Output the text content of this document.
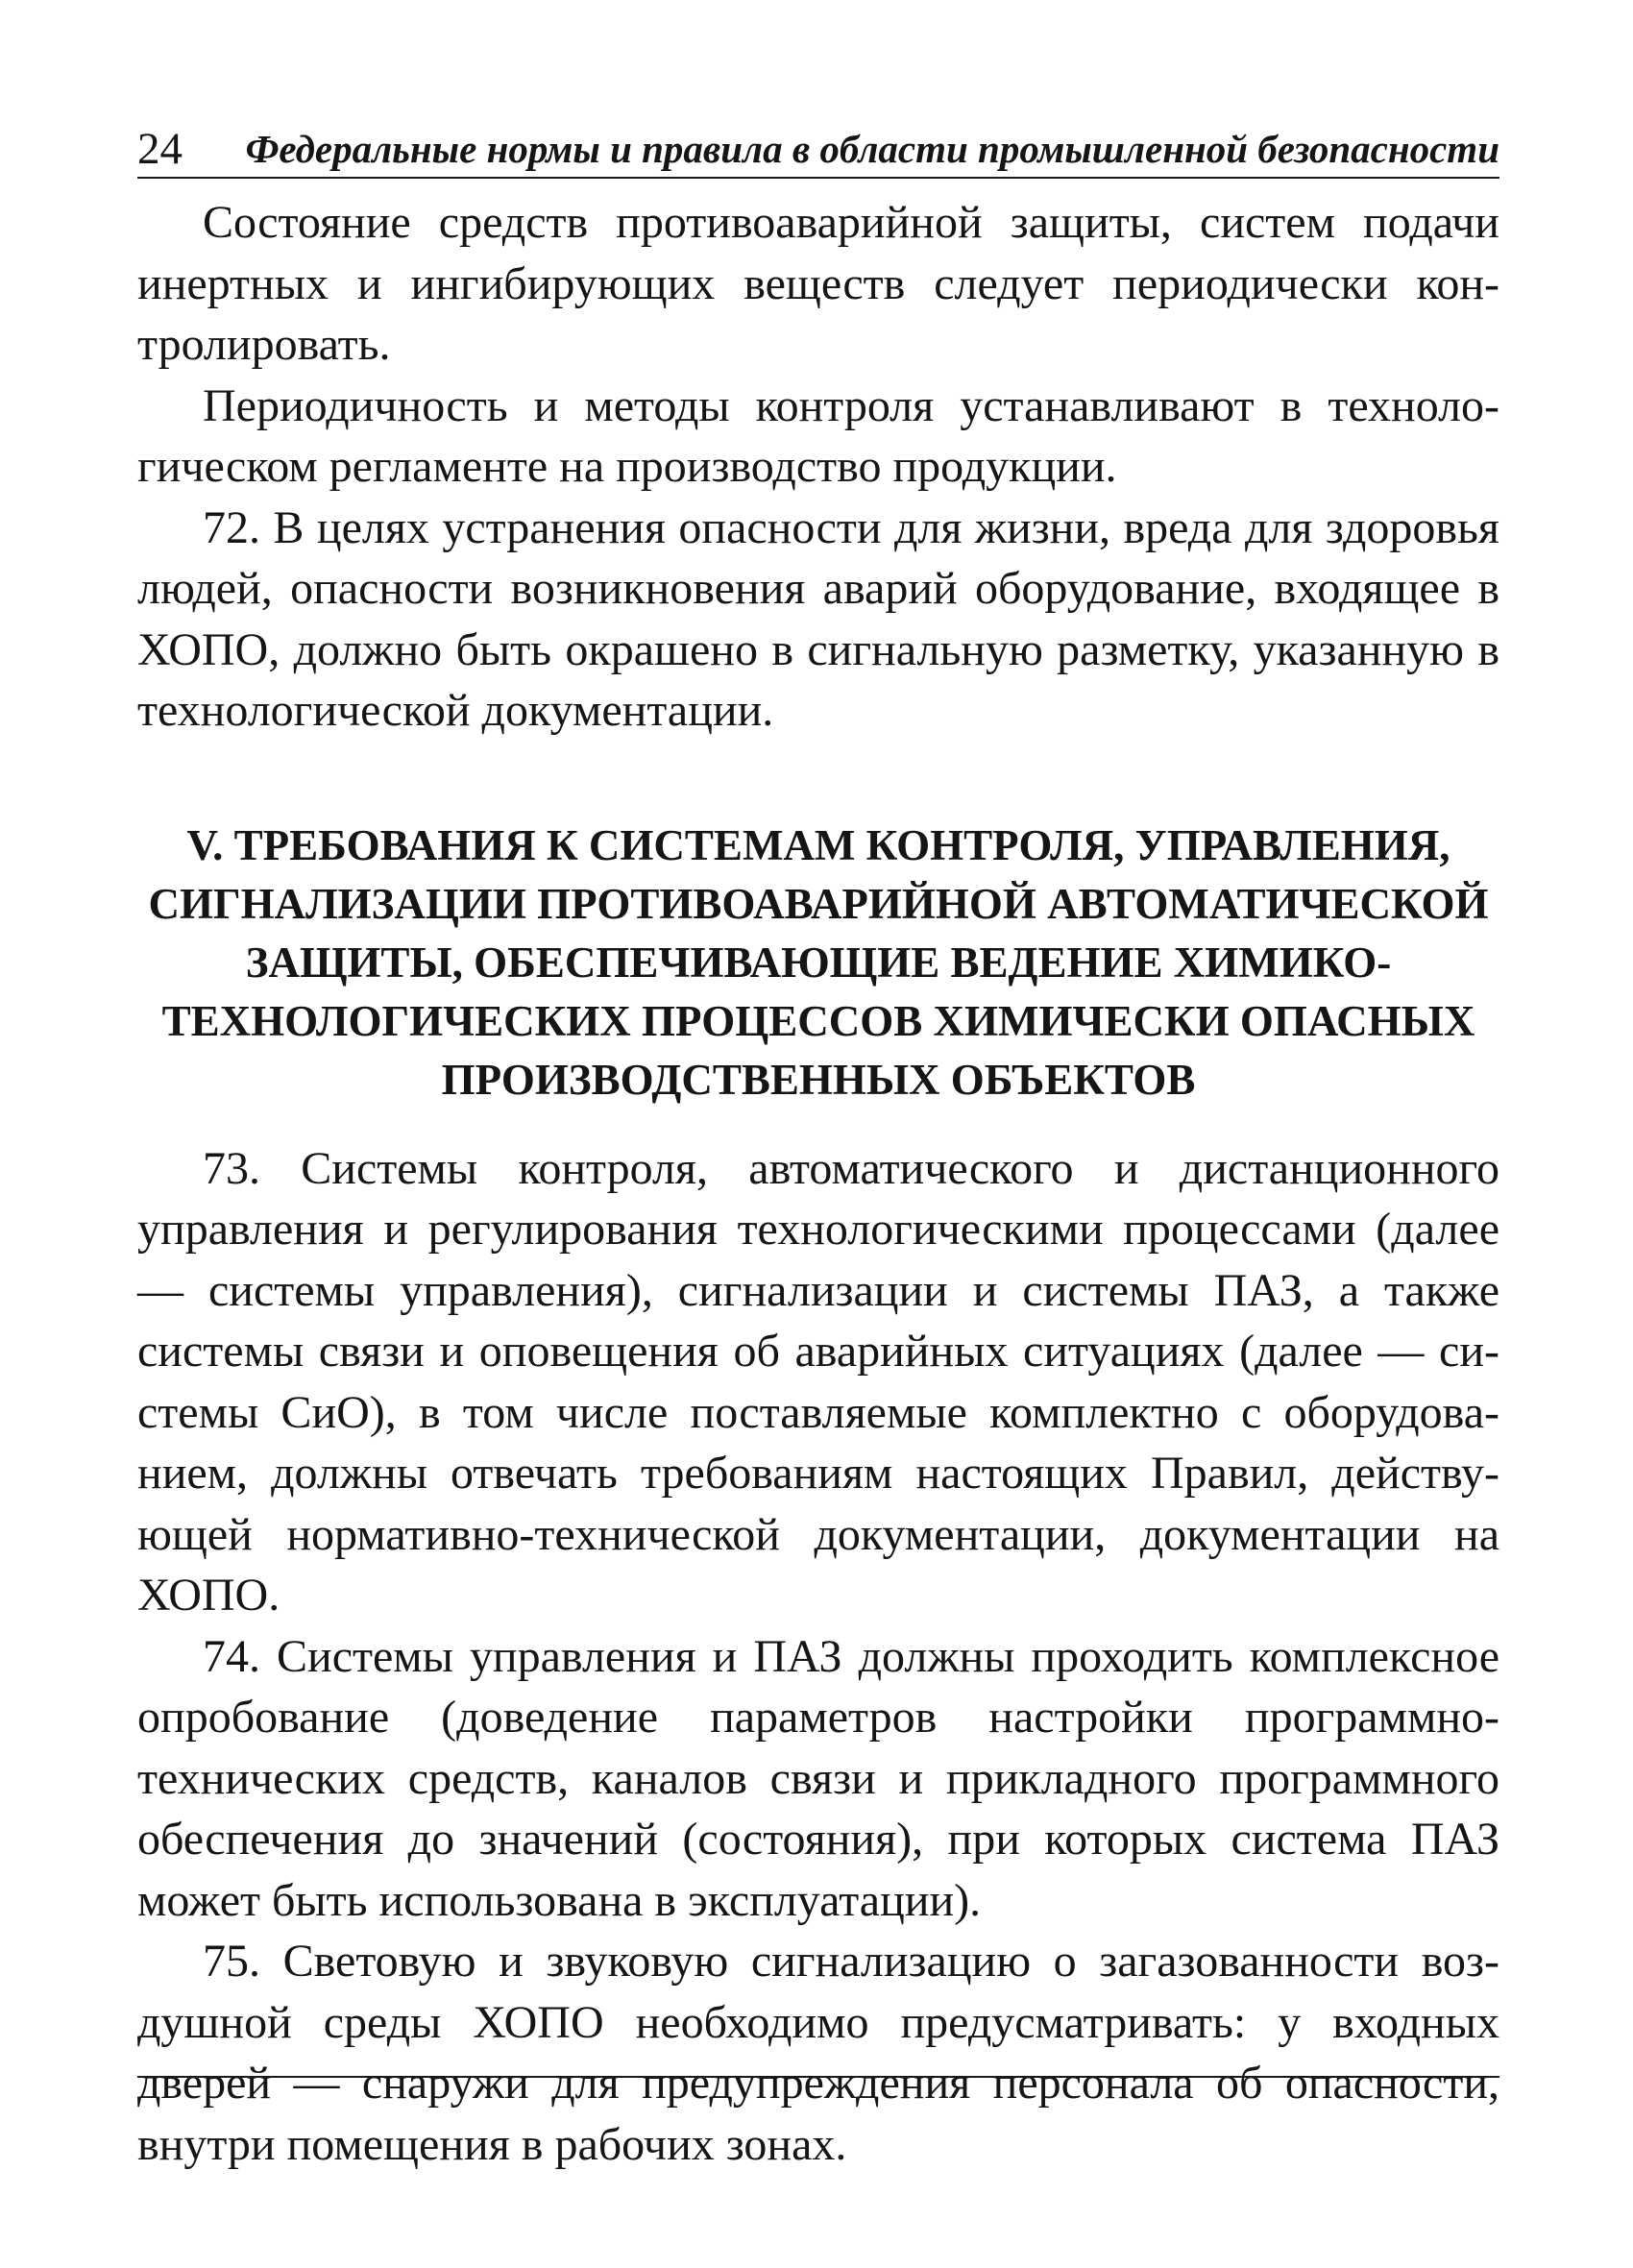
24 Федеральные нормы и правила в области промышленной безопасности

Состояние средств противоаварийной защиты, систем подачи инертных и ингибирующих веществ следует периодически контролировать.

Периодичность и методы контроля устанавливают в технологическом регламенте на производство продукции.

72. В целях устранения опасности для жизни, вреда для здоровья людей, опасности возникновения аварий оборудование, входящее в ХОПО, должно быть окрашено в сигнальную разметку, указанную в технологической документации.

V. ТРЕБОВАНИЯ К СИСТЕМАМ КОНТРОЛЯ, УПРАВЛЕНИЯ, СИГНАЛИЗАЦИИ ПРОТИВОАВАРИЙНОЙ АВТОМАТИЧЕСКОЙ ЗАЩИТЫ, ОБЕСПЕЧИВАЮЩИЕ ВЕДЕНИЕ ХИМИКО-ТЕХНОЛОГИЧЕСКИХ ПРОЦЕССОВ ХИМИЧЕСКИ ОПАСНЫХ ПРОИЗВОДСТВЕННЫХ ОБЪЕКТОВ

73. Системы контроля, автоматического и дистанционного управления и регулирования технологическими процессами (далее — системы управления), сигнализации и системы ПАЗ, а также системы связи и оповещения об аварийных ситуациях (далее — системы СиО), в том числе поставляемые комплектно с оборудованием, должны отвечать требованиям настоящих Правил, действующей нормативно-технической документации, документации на ХОПО.

74. Системы управления и ПАЗ должны проходить комплексное опробование (доведение параметров настройки программно-технических средств, каналов связи и прикладного программного обеспечения до значений (состояния), при которых система ПАЗ может быть использована в эксплуатации).

75. Световую и звуковую сигнализацию о загазованности воздушной среды ХОПО необходимо предусматривать: у входных дверей — снаружи для предупреждения персонала об опасности, внутри помещения в рабочих зонах.
